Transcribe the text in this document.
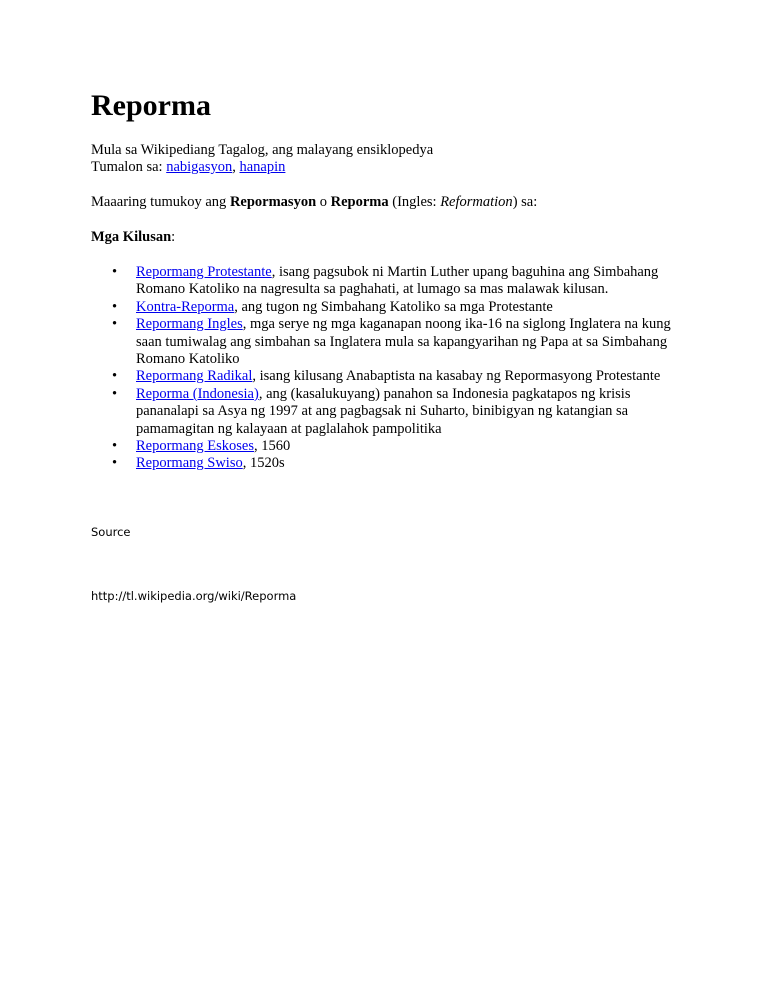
Reporma
Mula sa Wikipediang Tagalog, ang malayang ensiklopedya
Tumalon sa: nabigasyon, hanapin
Maaaring tumukoy ang Repormasyon o Reporma (Ingles: Reformation) sa:
Mga Kilusan:
• Repormang Protestante, isang pagsubok ni Martin Luther upang baguhina ang Simbahang Romano Katoliko na nagresulta sa paghahati, at lumago sa mas malawak kilusan.
• Kontra-Reporma, ang tugon ng Simbahang Katoliko sa mga Protestante
• Repormang Ingles, mga serye ng mga kaganapan noong ika-16 na siglong Inglatera na kung saan tumiwalag ang simbahan sa Inglatera mula sa kapangyarihan ng Papa at sa Simbahang Romano Katoliko
• Repormang Radikal, isang kilusang Anabaptista na kasabay ng Repormasyong Protestante
• Reporma (Indonesia), ang (kasalukuyang) panahon sa Indonesia pagkatapos ng krisis pananalapi sa Asya ng 1997 at ang pagbagsak ni Suharto, binibigyan ng katangian sa pamamagitan ng kalayaan at paglalahok pampolitika
• Repormang Eskoses, 1560
• Repormang Swiso, 1520s
Source
http://tl.wikipedia.org/wiki/Reporma
